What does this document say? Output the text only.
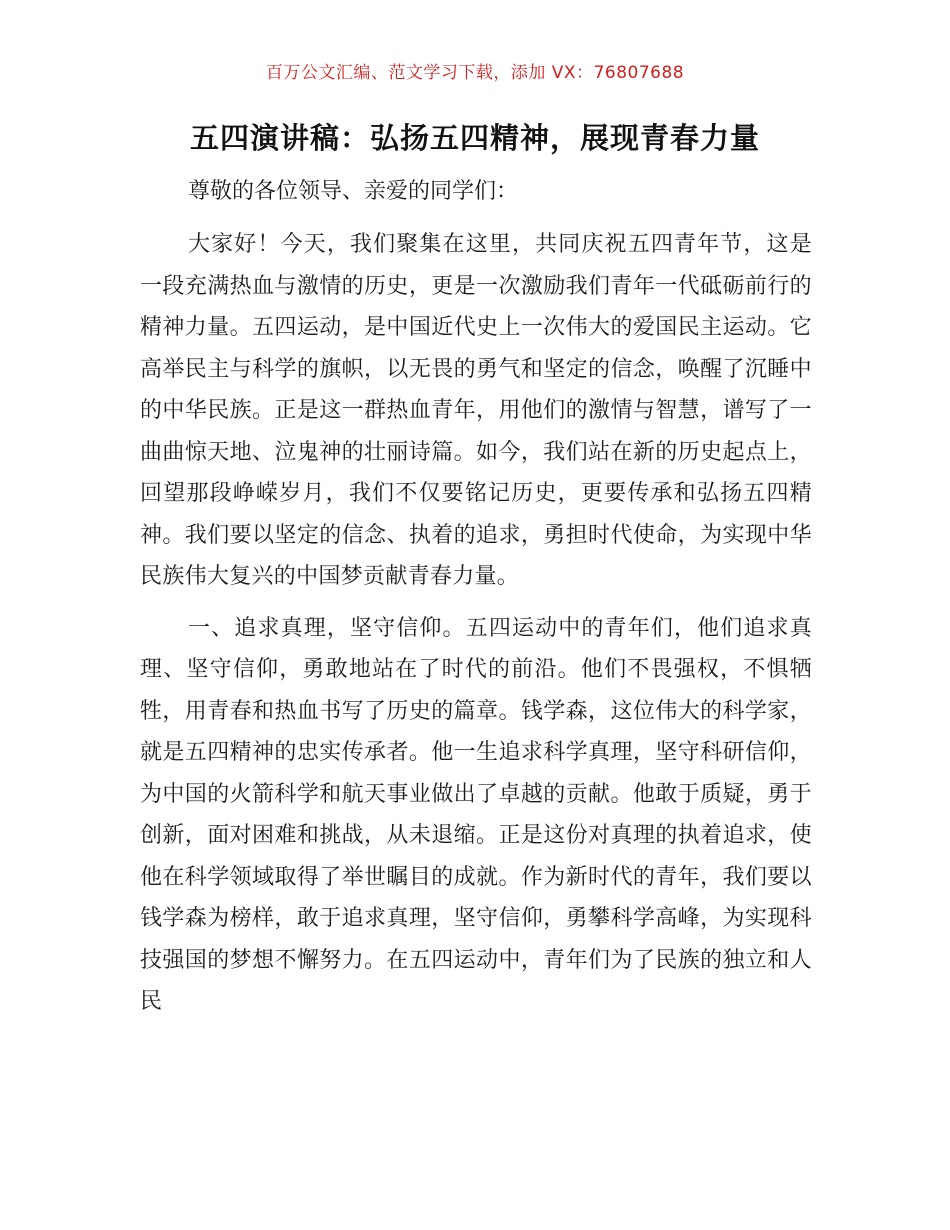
百万公文汇编、范文学习下载，添加 VX：76807688
五四演讲稿：弘扬五四精神，展现青春力量

尊敬的各位领导、亲爱的同学们：

大家好！今天，我们聚集在这里，共同庆祝五四青年节，这是一段充满热血与激情的历史，更是一次激励我们青年一代砥砺前行的精神力量。五四运动，是中国近代史上一次伟大的爱国民主运动。它高举民主与科学的旗帜，以无畏的勇气和坚定的信念，唤醒了沉睡中的中华民族。正是这一群热血青年，用他们的激情与智慧，谱写了一曲曲惊天地、泣鬼神的壮丽诗篇。如今，我们站在新的历史起点上，回望那段峥嵘岁月，我们不仅要铭记历史，更要传承和弘扬五四精神。我们要以坚定的信念、执着的追求，勇担时代使命，为实现中华民族伟大复兴的中国梦贡献青春力量。

一、追求真理，坚守信仰。五四运动中的青年们，他们追求真理、坚守信仰，勇敢地站在了时代的前沿。他们不畏强权，不惧牺牲，用青春和热血书写了历史的篇章。钱学森，这位伟大的科学家，就是五四精神的忠实传承者。他一生追求科学真理，坚守科研信仰，为中国的火箭科学和航天事业做出了卓越的贡献。他敢于质疑，勇于创新，面对困难和挑战，从未退缩。正是这份对真理的执着追求，使他在科学领域取得了举世瞩目的成就。作为新时代的青年，我们要以钱学森为榜样，敢于追求真理，坚守信仰，勇攀科学高峰，为实现科技强国的梦想不懈努力。在五四运动中，青年们为了民族的独立和人民
